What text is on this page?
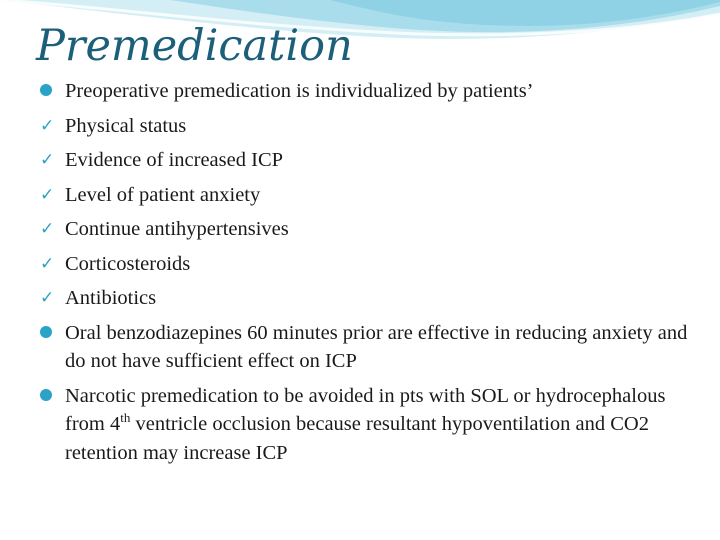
Premedication
Preoperative premedication is individualized by patients’
✓ Physical status
✓ Evidence of increased ICP
✓ Level of patient anxiety
✓ Continue antihypertensives
✓ Corticosteroids
✓ Antibiotics
Oral benzodiazepines 60 minutes prior are effective in reducing anxiety and do not have sufficient effect on ICP
Narcotic premedication to be avoided in pts with SOL or hydrocephalous from 4th ventricle occlusion because resultant hypoventilation and CO2 retention may increase ICP
